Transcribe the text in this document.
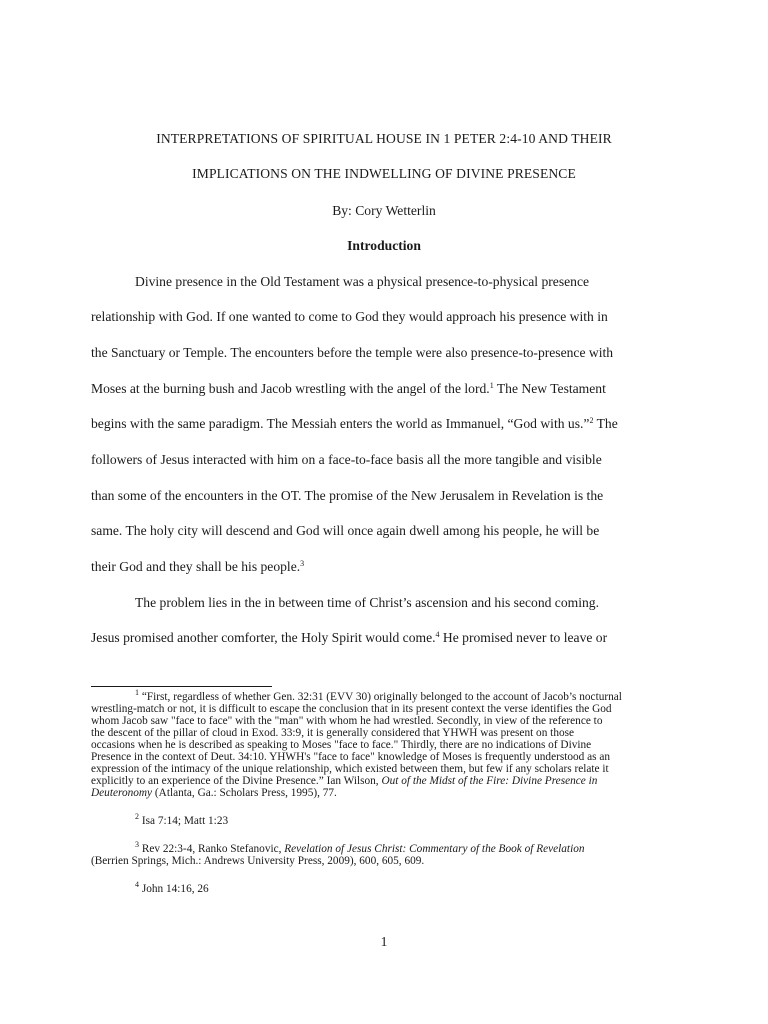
INTERPRETATIONS OF SPIRITUAL HOUSE IN 1 PETER 2:4-10 AND THEIR
IMPLICATIONS ON THE INDWELLING OF DIVINE PRESENCE
By: Cory Wetterlin
Introduction
Divine presence in the Old Testament was a physical presence-to-physical presence
relationship with God. If one wanted to come to God they would approach his presence with in
the Sanctuary or Temple. The encounters before the temple were also presence-to-presence with
Moses at the burning bush and Jacob wrestling with the angel of the lord.$^1$ The New Testament
begins with the same paradigm. The Messiah enters the world as Immanuel, “God with us.”$^2$ The
followers of Jesus interacted with him on a face-to-face basis all the more tangible and visible
than some of the encounters in the OT. The promise of the New Jerusalem in Revelation is the
same. The holy city will descend and God will once again dwell among his people, he will be
their God and they shall be his people.$^3$
The problem lies in the in between time of Christ’s ascension and his second coming.
Jesus promised another comforter, the Holy Spirit would come.$^4$ He promised never to leave or
$^1$ “First, regardless of whether Gen. 32:31 (EVV 30) originally belonged to the account of Jacob’s nocturnal
wrestling-match or not, it is difficult to escape the conclusion that in its present context the verse identifies the God
whom Jacob saw "face to face" with the "man" with whom he had wrestled. Secondly, in view of the reference to
the descent of the pillar of cloud in Exod. 33:9, it is generally considered that YHWH was present on those
occasions when he is described as speaking to Moses "face to face." Thirdly, there are no indications of Divine
Presence in the context of Deut. 34:10. YHWH's "face to face" knowledge of Moses is frequently understood as an
expression of the intimacy of the unique relationship, which existed between them, but few if any scholars relate it
explicitly to an experience of the Divine Presence.” Ian Wilson, Out of the Midst of the Fire: Divine Presence in
Deuteronomy (Atlanta, Ga.: Scholars Press, 1995), 77.
$^2$ Isa 7:14; Matt 1:23
$^3$ Rev 22:3-4, Ranko Stefanovic, Revelation of Jesus Christ: Commentary of the Book of Revelation
(Berrien Springs, Mich.: Andrews University Press, 2009), 600, 605, 609.
$^4$ John 14:16, 26
1
